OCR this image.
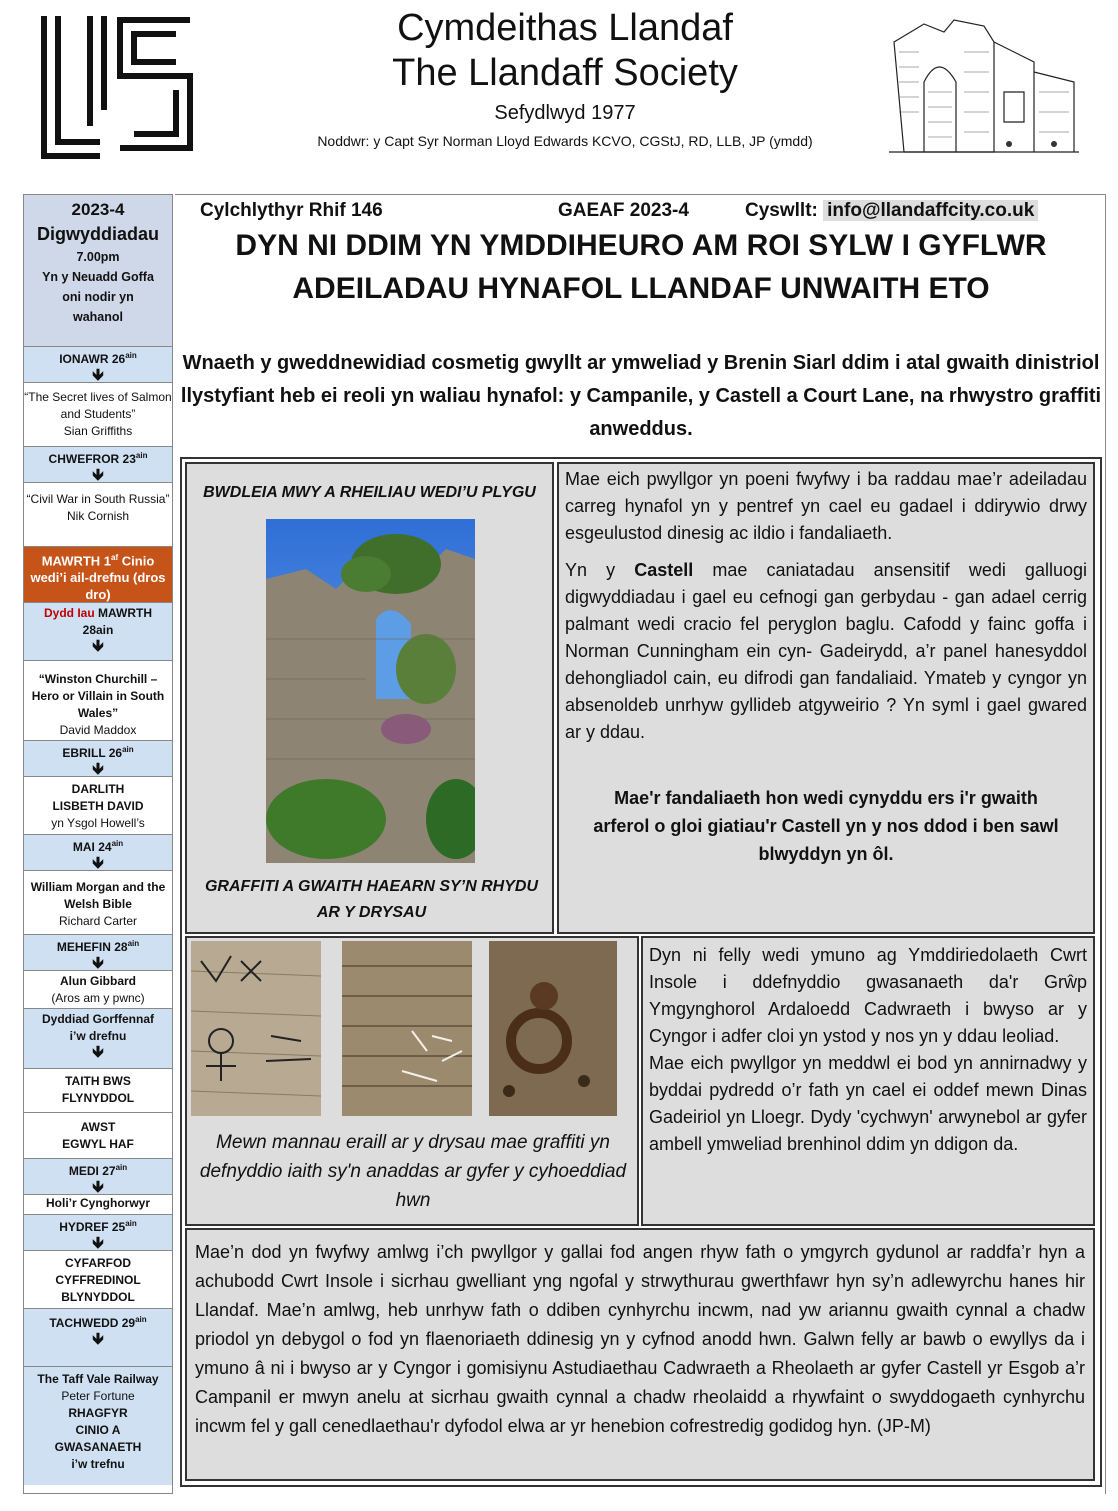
Cymdeithas Llandaf
The Llandaff Society
Sefydlwyd 1977
Noddwr: y Capt Syr Norman Lloyd Edwards KCVO, CGStJ, RD, LLB, JP (ymdd)
2023-4
Digwyddiadau
7.00pm
Yn y Neuadd Goffa
oni nodir yn
wahanol
IONAWR $26^{ain}$
🡻
“The Secret lives of Salmon and Students”
Sian Griffiths
CHWEFROR $23^{ain}$
🡻
“Civil War in South Russia”
Nik Cornish
MAWRTH $1^{af}$ Cinio wedi’i ail-drefnu (dros dro)
Dydd Iau MAWRTH
28ain
🡻
“Winston Churchill – Hero or Villain in South Wales”
David Maddox
EBRILL $26^{ain}$
🡻
DARLITH
LISBETH DAVID
yn Ysgol Howell’s
MAI $24^{ain}$
🡻
William Morgan and the Welsh Bible
Richard Carter
MEHEFIN $28^{ain}$
🡻
Alun Gibbard
(Aros am y pwnc)
Dyddiad Gorffennaf
i’w drefnu
🡻
TAITH BWS
FLYNYDDOL
AWST
EGWYL HAF
MEDI $27^{ain}$
🡻
Holi’r Cynghorwyr
HYDREF $25^{ain}$
🡻
CYFARFOD
CYFFREDINOL
BLYNYDDOL
TACHWEDD $29^{ain}$
🡻
The Taff Vale Railway
Peter Fortune
RHAGFYR
CINIO A
GWASANAETH
i’w trefnu
Cylchlythyr Rhif 146	GAEAF 2023-4	Cyswllt: info@llandaffcity.co.uk
DYN NI DDIM YN YMDDIHEURO AM ROI SYLW I GYFLWR
ADEILADAU HYNAFOL LLANDAF UNWAITH ETO
Wnaeth y gweddnewidiad cosmetig gwyllt ar ymweliad y Brenin Siarl ddim i atal gwaith dinistriol llystyfiant heb ei reoli yn waliau hynafol: y Campanile, y Castell a Court Lane, na rhwystro graffiti anweddus.
BWDLEIA MWY A RHEILIAU WEDI’U PLYGU
GRAFFITI A GWAITH HAEARN SY’N RHYDU AR Y DRYSAU

Mae eich pwyllgor yn poeni fwyfwy i ba raddau mae’r adeiladau carreg hynafol yn y pentref yn cael eu gadael i ddirywio drwy esgeulustod dinesig ac ildio i fandaliaeth.

Yn y Castell mae caniatadau ansensitif wedi galluogi digwyddiadau i gael eu cefnogi gan gerbydau - gan adael cerrig palmant wedi cracio fel peryglon baglu. Cafodd y fainc goffa i Norman Cunningham ein cyn- Gadeirydd, a’r panel hanesyddol dehongliadol cain, eu difrodi gan fandaliaid. Ymateb y cyngor yn absenoldeb unrhyw gyllideb atgyweirio ? Yn syml i gael gwared ar y ddau.

Mae'r fandaliaeth hon wedi cynyddu ers i'r gwaith arferol o gloi giatiau'r Castell yn y nos ddod i ben sawl blwyddyn yn ôl.

Mewn mannau eraill ar y drysau mae graffiti yn defnyddio iaith sy'n anaddas ar gyfer y cyhoeddiad hwn

Dyn ni felly wedi ymuno ag Ymddiriedolaeth Cwrt Insole i ddefnyddio gwasanaeth da'r Grŵp Ymgynghorol Ardaloedd Cadwraeth i bwyso ar y Cyngor i adfer cloi yn ystod y nos yn y ddau leoliad.

Mae eich pwyllgor yn meddwl ei bod yn annirnadwy y byddai pydredd o’r fath yn cael ei oddef mewn Dinas Gadeiriol yn Lloegr. Dydy 'cychwyn' arwynebol ar gyfer ambell ymweliad brenhinol ddim yn ddigon da.

Mae’n dod yn fwyfwy amlwg i’ch pwyllgor y gallai fod angen rhyw fath o ymgyrch gydunol ar raddfa’r hyn a achubodd Cwrt Insole i sicrhau gwelliant yng ngofal y strwythurau gwerthfawr hyn sy’n adlewyrchu hanes hir Llandaf. Mae’n amlwg, heb unrhyw fath o ddiben cynhyrchu incwm, nad yw ariannu gwaith cynnal a chadw priodol yn debygol o fod yn flaenoriaeth ddinesig yn y cyfnod anodd hwn. Galwn felly ar bawb o ewyllys da i ymuno â ni i bwyso ar y Cyngor i gomisiynu Astudiaethau Cadwraeth a Rheolaeth ar gyfer Castell yr Esgob a’r Campanil er mwyn anelu at sicrhau gwaith cynnal a chadw rheolaidd a rhywfaint o swyddogaeth cynhyrchu incwm fel y gall cenedlaethau'r dyfodol elwa ar yr henebion cofrestredig godidog hyn. (JP-M)
